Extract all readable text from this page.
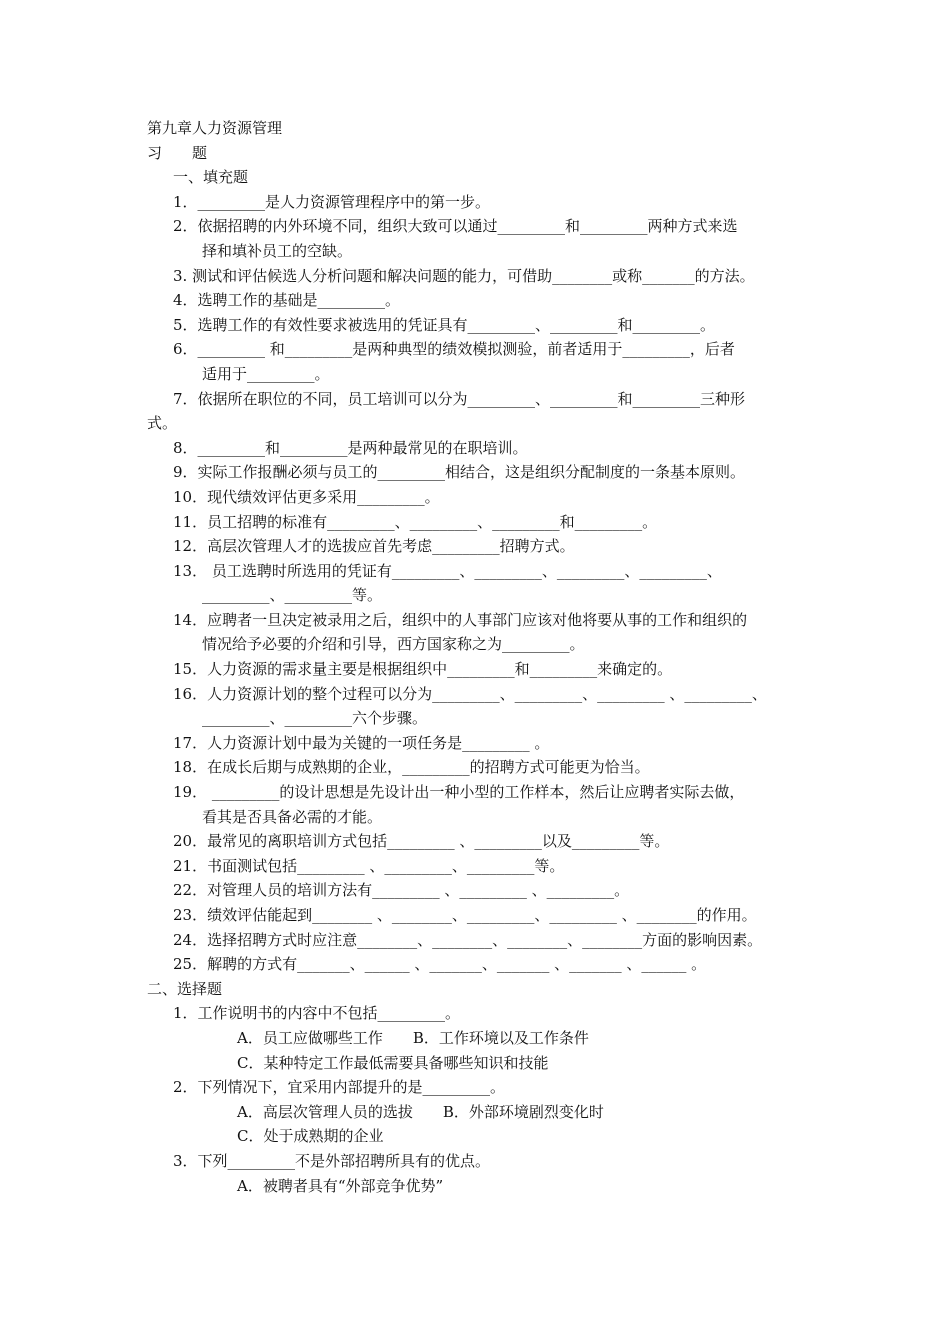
第九章人力资源管理
习　　题
一、填充题
1．_________是人力资源管理程序中的第一步。
2．依据招聘的内外环境不同，组织大致可以通过_________和_________两种方式来选
择和填补员工的空缺。
3. 测试和评估候选人分析问题和解决问题的能力，可借助________或称_______的方法。
4．选聘工作的基础是_________。
5．选聘工作的有效性要求被选用的凭证具有_________、_________和_________。
6．_________ 和_________是两种典型的绩效模拟测验，前者适用于_________，后者
适用于_________。
7．依据所在职位的不同，员工培训可以分为_________、_________和_________三种形
式。
8．_________和_________是两种最常见的在职培训。
9．实际工作报酬必须与员工的_________相结合，这是组织分配制度的一条基本原则。
10．现代绩效评估更多采用_________。
11．员工招聘的标准有_________、_________、_________和_________。
12．高层次管理人才的选拔应首先考虑_________招聘方式。
13． 员工选聘时所选用的凭证有_________、_________、_________、_________、
_________、_________等。
14．应聘者一旦决定被录用之后，组织中的人事部门应该对他将要从事的工作和组织的
情况给予必要的介绍和引导，西方国家称之为_________。
15．人力资源的需求量主要是根据组织中_________和_________来确定的。
16．人力资源计划的整个过程可以分为_________、_________、_________ 、_________、
_________、_________六个步骤。
17．人力资源计划中最为关键的一项任务是_________ 。
18．在成长后期与成熟期的企业，_________的招聘方式可能更为恰当。
19． _________的设计思想是先设计出一种小型的工作样本，然后让应聘者实际去做，
看其是否具备必需的才能。
20．最常见的离职培训方式包括_________ 、_________以及_________等。
21．书面测试包括_________ 、_________、_________等。
22．对管理人员的培训方法有_________ 、_________ 、_________。
23．绩效评估能起到________ 、________、_________、_________ 、________的作用。
24．选择招聘方式时应注意________、________、________、________方面的影响因素。
25．解聘的方式有_______、______ 、_______、_______ 、_______ 、______ 。
二、选择题
1．工作说明书的内容中不包括_________。
A．员工应做哪些工作　　B．工作环境以及工作条件
C．某种特定工作最低需要具备哪些知识和技能
2．下列情况下，宜采用内部提升的是_________。
A．高层次管理人员的选拔　　B．外部环境剧烈变化时
C．处于成熟期的企业
3．下列_________不是外部招聘所具有的优点。
A．被聘者具有“外部竞争优势”
